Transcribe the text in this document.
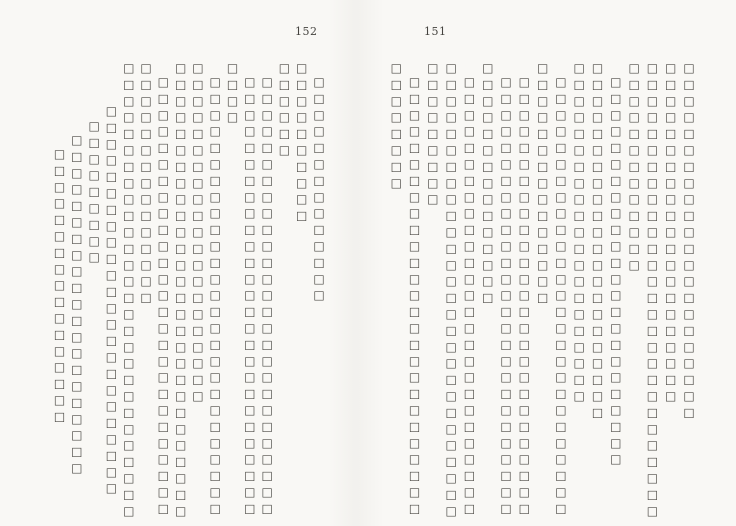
152	151
□□□□□□□□□□□□□□
□□□□□□□□□□
□□□□□□
□□□□□□□□□□□□□□□□□□□□□□□□□□□
□□□□□□□□□□□□□□□□□□□□□□□□□□□
□□□□
□□□□□□□□□□□□□□□□□□□□□□□□□□□
□□□□□□□□□□□□□□□□□□□□□
□□□□□□□□□□□□□□□□□□□□□□□□□□□□
□□□□□□□□□□□□□□□□□□□□□□□□□□□
□□□□□□□□□□□□□□□
□□□□□□□□□□□□□□□□□□□□□□□□□□□□
□□□□□□□□□□□□□□□□□□□□□□□□
□□□□□□□□□
□□□□□□□□□□□□□□□□□□□□□
□□□□□□□□□□□□□□□□□	□□□□□□□□□□□□□□□□□□□□□□
□□□□□□□□□□□□□□□□□□□□□
□□□□□□□□□□□□□□□□□□□□□□□□□□□□
□□□□□□□□□□□□□
□□□□□□□□□□□□□□□□□□□□□□□□
□□□□□□□□□□□□□□□□□□□□□□
□□□□□□□□□□□□□□□□□□□□□
□□□□□□□□□□□□□□□□□□□□□□□□□□□
□□□□□□□□□□□□□□□
□□□□□□□□□□□□□□□□□□□□□□□□□□□
□□□□□□□□□□□□□□□□□□□□□□□□□□□
□□□□□□□□□□□□□□□
□□□□□□□□□□□□□□□□□□□□□□□□□□□
□□□□□□□□□□□□□□□□□□□□□□□□□□□□
□□□□□□□□□
□□□□□□□□□□□□□□□□□□□□□□□□□□□
□□□□□□□□
